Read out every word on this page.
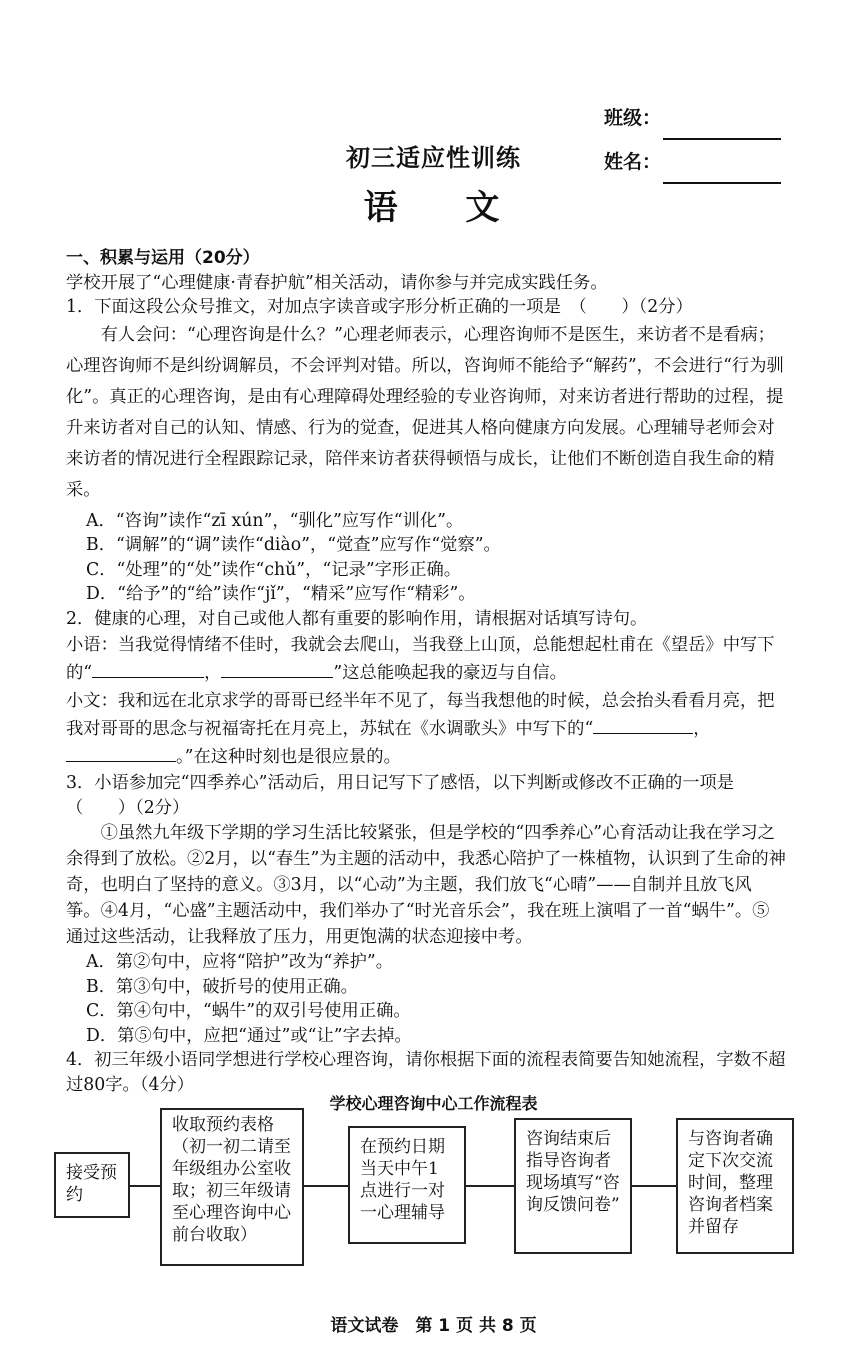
班级：
姓名：
初三适应性训练
语 文

一、积累与运用（20分）

学校开展了“心理健康·青春护航”相关活动，请你参与并完成实践任务。

1．下面这段公众号推文，对加点字读音或字形分析正确的一项是　（　　）（2分）

有人会问：“心理咨询是什么？”心理老师表示，心理咨询师不是医生，来访者不是看病；心理咨询师不是纠纷调解员，不会评判对错。所以，咨询师不能给予“解药”，不会进行“行为驯化”。真正的心理咨询，是由有心理障碍处理经验的专业咨询师，对来访者进行帮助的过程，提升来访者对自己的认知、情感、行为的觉查，促进其人格向健康方向发展。心理辅导老师会对来访者的情况进行全程跟踪记录，陪伴来访者获得顿悟与成长，让他们不断创造自我生命的精采。

A．“咨询”读作“zī xún”，“驯化”应写作“训化”。

B．“调解”的“调”读作“diào”，“觉查”应写作“觉察”。

C．“处理”的“处”读作“chǔ”，“记录”字形正确。

D．“给予”的“给”读作“jǐ”，“精采”应写作“精彩”。

2．健康的心理，对自己或他人都有重要的影响作用，请根据对话填写诗句。

小语：当我觉得情绪不佳时，我就会去爬山，当我登上山顶，总能想起杜甫在《望岳》中写下的“	，	”这总能唤起我的豪迈与自信。

小文：我和远在北京求学的哥哥已经半年不见了，每当我想他的时候，总会抬头看看月亮，把我对哥哥的思念与祝福寄托在月亮上，苏轼在《水调歌头》中写下的“	，。”在这种时刻也是很应景的。

3．小语参加完“四季养心”活动后，用日记写下了感悟，以下判断或修改不正确的一项是（　　）（2分）

①虽然九年级下学期的学习生活比较紧张，但是学校的“四季养心”心育活动让我在学习之余得到了放松。②2月，以“春生”为主题的活动中，我悉心陪护了一株植物，认识到了生命的神奇，也明白了坚持的意义。③3月，以“心动”为主题，我们放飞“心晴”——自制并且放飞风筝。④4月，“心盛”主题活动中，我们举办了“时光音乐会”，我在班上演唱了一首“蜗牛”。⑤通过这些活动，让我释放了压力，用更饱满的状态迎接中考。

A．第②句中，应将“陪护”改为“养护”。

B．第③句中，破折号的使用正确。

C．第④句中，“蜗牛”的双引号使用正确。

D．第⑤句中，应把“通过”或“让”字去掉。

4．初三年级小语同学想进行学校心理咨询，请你根据下面的流程表简要告知她流程，字数不超过80字。（4分）

学校心理咨询中心工作流程表
接受预约
收取预约表格（初一初二请至年级组办公室收取；初三年级请至心理咨询中心前台收取）
在预约日期当天中午1点进行一对一心理辅导
咨询结束后指导咨询者现场填写“咨询反馈问卷”
与咨询者确定下次交流时间，整理咨询者档案并留存
语文试卷　第 1 页 共 8 页
